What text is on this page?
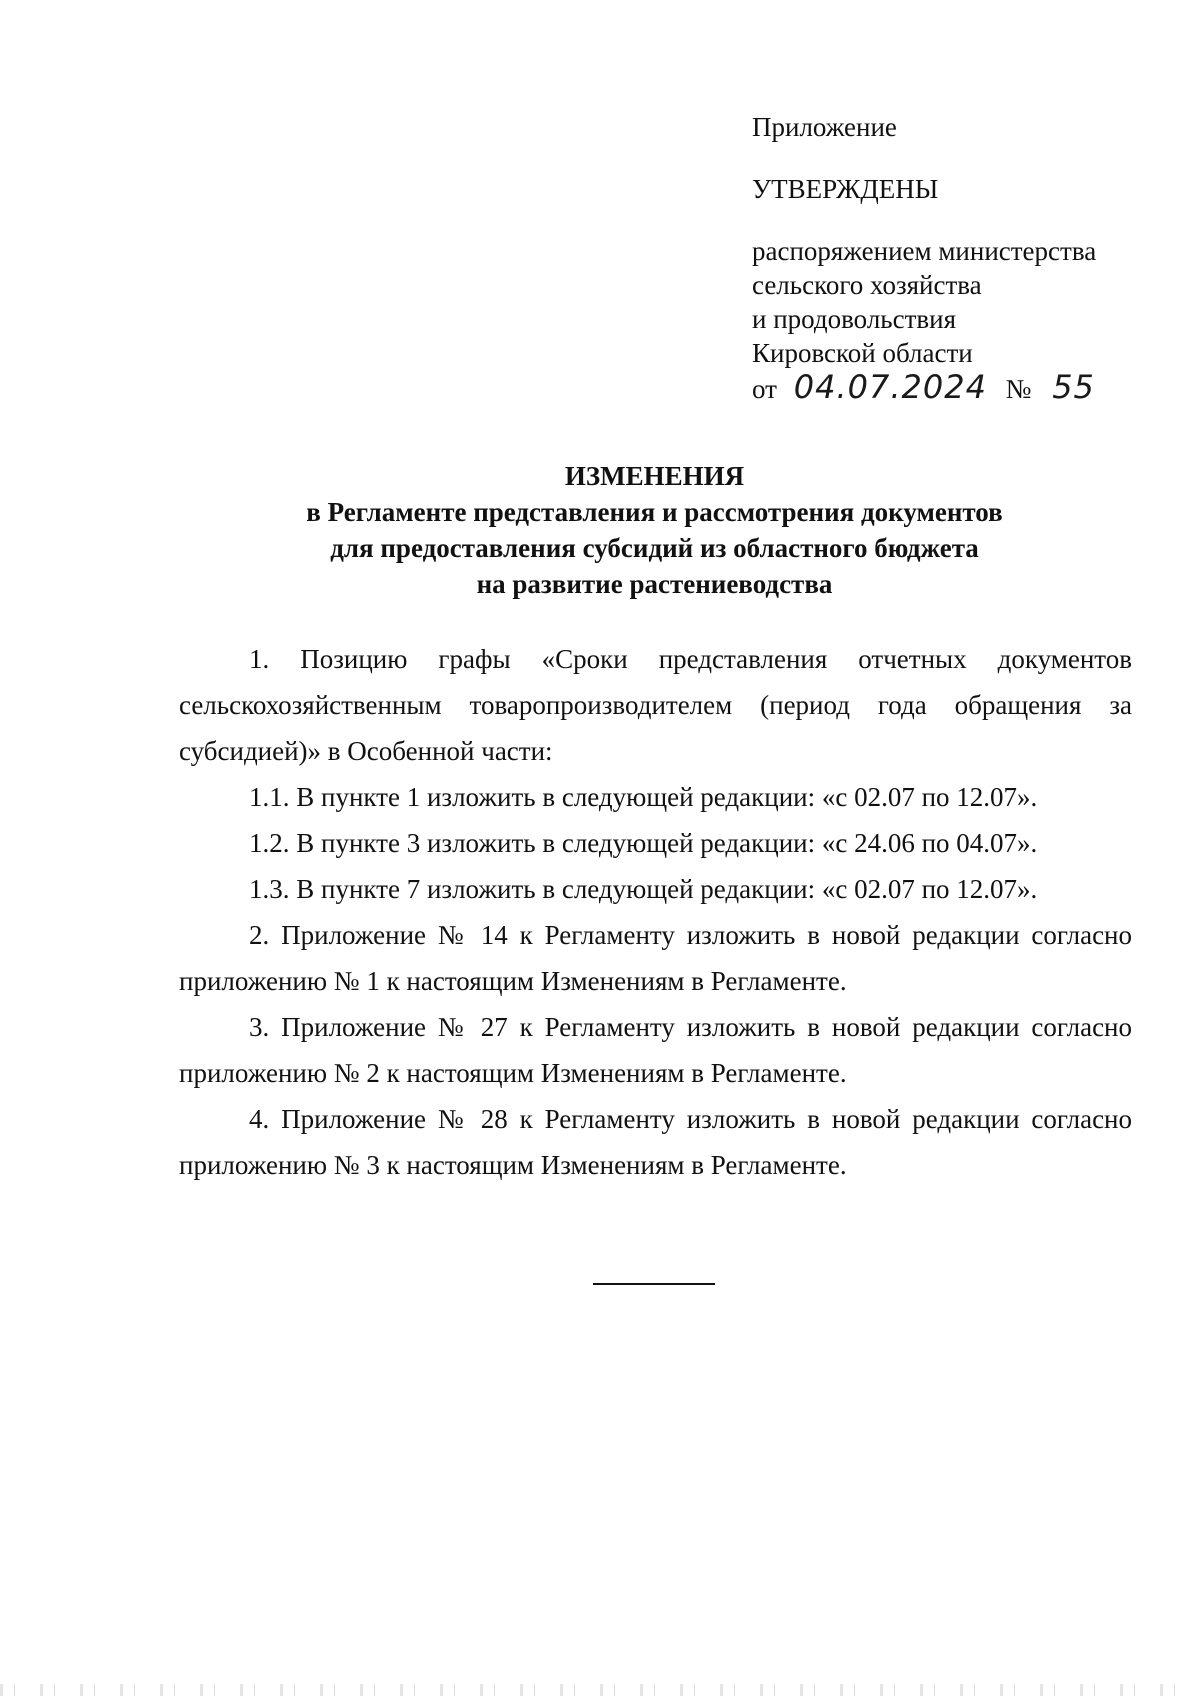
Приложение
УТВЕРЖДЕНЫ
распоряжением министерства
сельского хозяйства
и продовольствия
Кировской области
от 04.07.2024 № 55
ИЗМЕНЕНИЯ
в Регламенте представления и рассмотрения документов
для предоставления субсидий из областного бюджета
на развитие растениеводства

1. Позицию графы «Сроки представления отчетных документов сельскохозяйственным товаропроизводителем (период года обращения за субсидией)» в Особенной части:

1.1. В пункте 1 изложить в следующей редакции: «с 02.07 по 12.07».

1.2. В пункте 3 изложить в следующей редакции: «с 24.06 по 04.07».

1.3. В пункте 7 изложить в следующей редакции: «с 02.07 по 12.07».

2. Приложение № 14 к Регламенту изложить в новой редакции согласно приложению № 1 к настоящим Изменениям в Регламенте.

3. Приложение № 27 к Регламенту изложить в новой редакции согласно приложению № 2 к настоящим Изменениям в Регламенте.

4. Приложение № 28 к Регламенту изложить в новой редакции согласно приложению № 3 к настоящим Изменениям в Регламенте.
